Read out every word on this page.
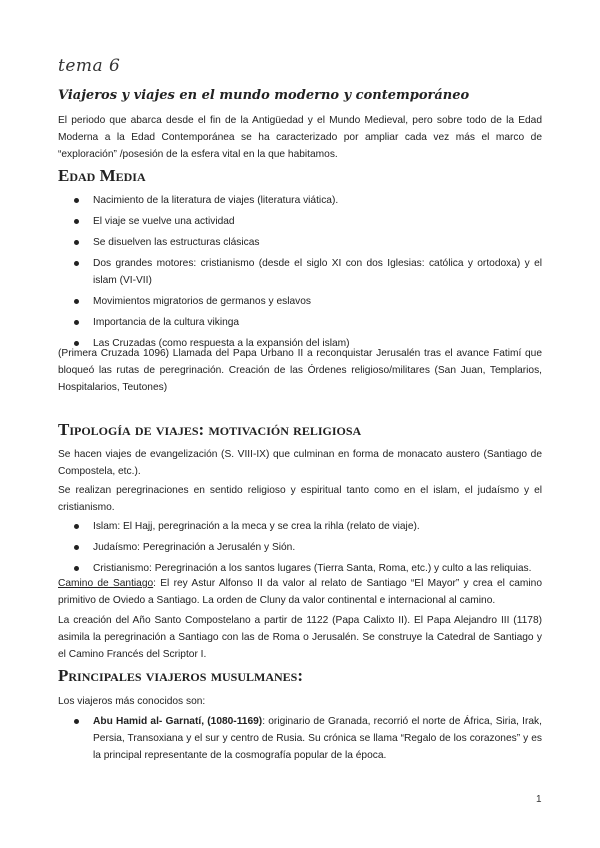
tema 6
Viajeros y viajes en el mundo moderno y contemporáneo

El periodo que abarca desde el fin de la Antigüedad y el Mundo Medieval, pero sobre todo de la Edad Moderna a la Edad Contemporánea se ha caracterizado por ampliar cada vez más el marco de “exploración” /posesión de la esfera vital en la que habitamos.

Edad Media
Nacimiento de la literatura de viajes (literatura viática).
El viaje se vuelve una actividad
Se disuelven las estructuras clásicas
Dos grandes motores: cristianismo (desde el siglo XI con dos Iglesias: católica y ortodoxa) y el islam (VI-VII)
Movimientos migratorios de germanos y eslavos
Importancia de la cultura vikinga
Las Cruzadas (como respuesta a la expansión del islam)

(Primera Cruzada 1096) Llamada del Papa Urbano II a reconquistar Jerusalén tras el avance Fatimí que bloqueó las rutas de peregrinación. Creación de las Órdenes religioso/militares (San Juan, Templarios, Hospitalarios, Teutones)

Tipología de viajes: motivación religiosa

Se hacen viajes de evangelización (S. VIII-IX) que culminan en forma de monacato austero (Santiago de Compostela, etc.).

Se realizan peregrinaciones en sentido religioso y espiritual tanto como en el islam, el judaísmo y el cristianismo.

Islam: El Hajj, peregrinación a la meca y se crea la rihla (relato de viaje).
Judaísmo: Peregrinación a Jerusalén y Sión.
Cristianismo: Peregrinación a los santos lugares (Tierra Santa, Roma, etc.) y culto a las reliquias.

Camino de Santiago: El rey Astur Alfonso II da valor al relato de Santiago “El Mayor” y crea el camino primitivo de Oviedo a Santiago. La orden de Cluny da valor continental e internacional al camino.

La creación del Año Santo Compostelano a partir de 1122 (Papa Calixto II). El Papa Alejandro III (1178) asimila la peregrinación a Santiago con las de Roma o Jerusalén. Se construye la Catedral de Santiago y el Camino Francés del Scriptor I.

Principales viajeros musulmanes:

Los viajeros más conocidos son:

Abu Hamid al- Garnatí, (1080-1169): originario de Granada, recorrió el norte de África, Siria, Irak, Persia, Transoxiana y el sur y centro de Rusia. Su crónica se llama “Regalo de los corazones” y es la principal representante de la cosmografía popular de la época.
1
